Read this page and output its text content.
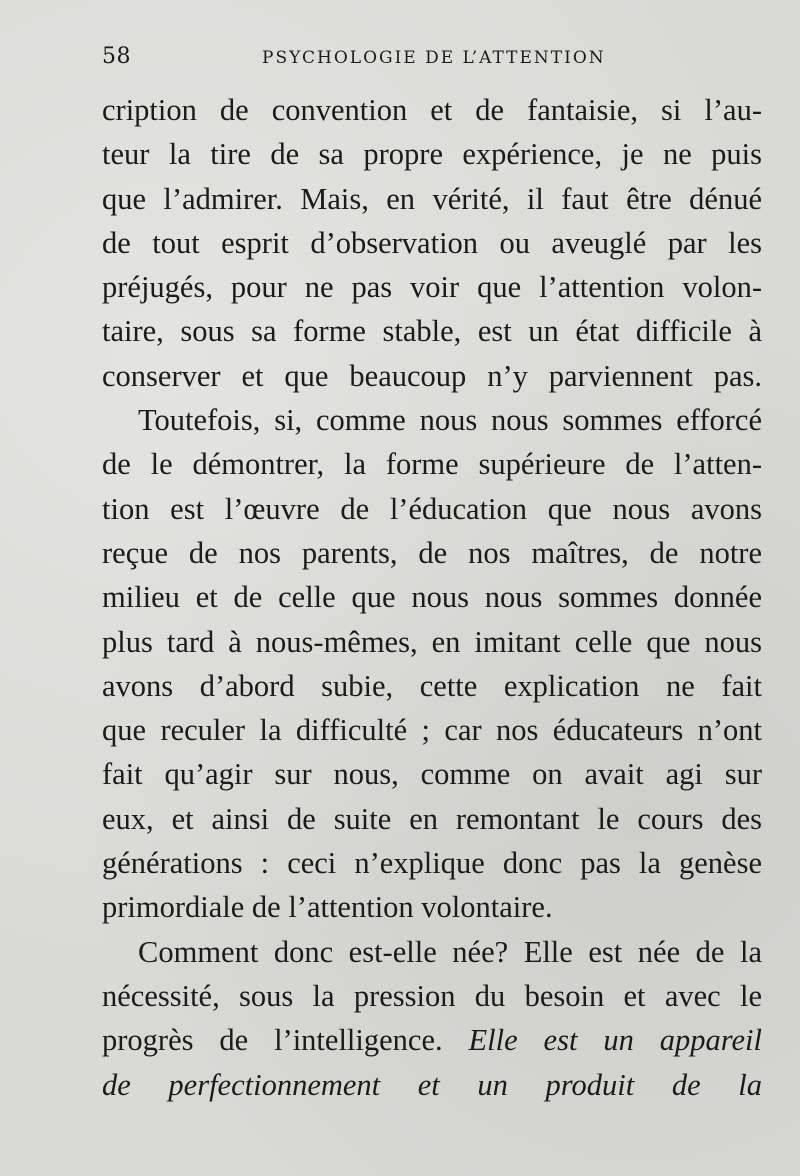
58	PSYCHOLOGIE DE L’ATTENTION
cription de convention et de fantaisie, si l’au-
teur la tire de sa propre expérience, je ne puis
que l’admirer. Mais, en vérité, il faut être dénué
de tout esprit d’observation ou aveuglé par les
préjugés, pour ne pas voir que l’attention volon-
taire, sous sa forme stable, est un état difficile à
conserver et que beaucoup n’y parviennent pas.
Toutefois, si, comme nous nous sommes efforcé
de le démontrer, la forme supérieure de l’atten-
tion est l’œuvre de l’éducation que nous avons
reçue de nos parents, de nos maîtres, de notre
milieu et de celle que nous nous sommes donnée
plus tard à nous-mêmes, en imitant celle que nous
avons d’abord subie, cette explication ne fait
que reculer la difficulté ; car nos éducateurs n’ont
fait qu’agir sur nous, comme on avait agi sur
eux, et ainsi de suite en remontant le cours des
générations : ceci n’explique donc pas la genèse
primordiale de l’attention volontaire.
Comment donc est-elle née? Elle est née de la
nécessité, sous la pression du besoin et avec le
progrès de l’intelligence. Elle est un appareil
de perfectionnement et un produit de la
